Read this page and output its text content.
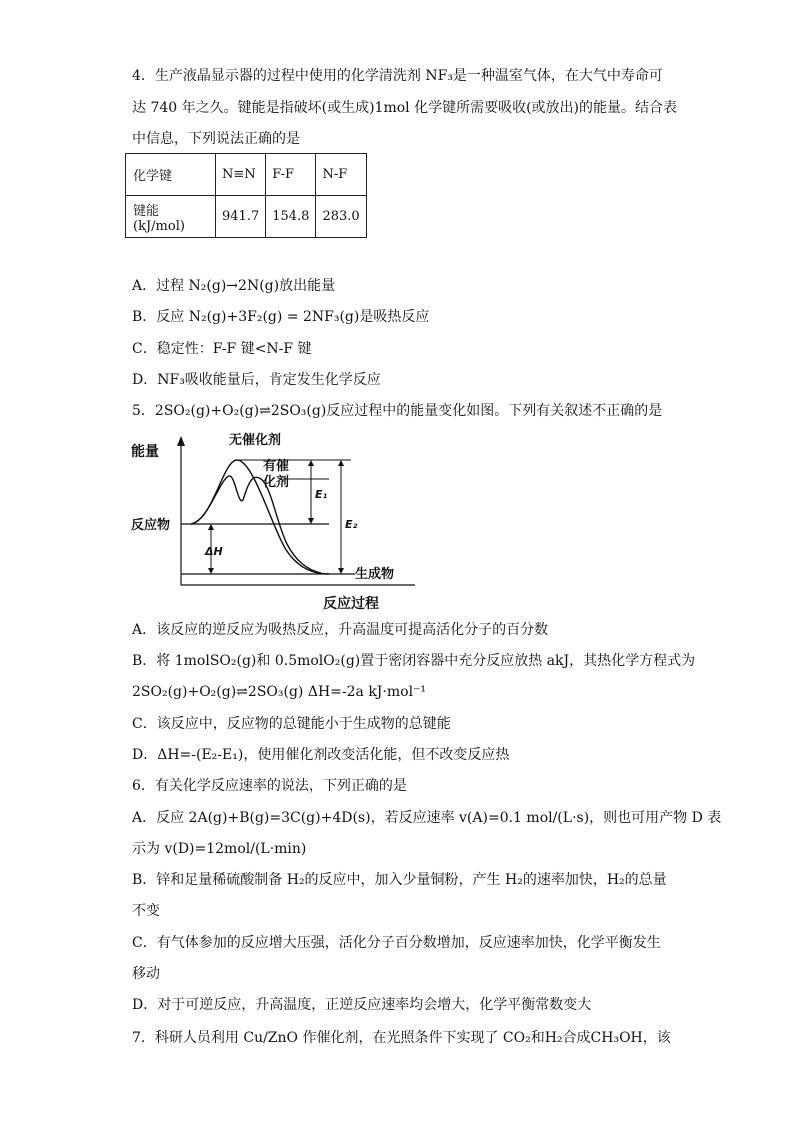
4．生产液晶显示器的过程中使用的化学清洗剂 NF₃是一种温室气体，在大气中寿命可
达 740 年之久。键能是指破坏(或生成)1mol 化学键所需要吸收(或放出)的能量。结合表
中信息，下列说法正确的是
化学键	N≡N	F-F	N-F
键能(kJ/mol)	941.7	154.8	283.0
A．过程 N₂(g)→2N(g)放出能量
B．反应 N₂(g)+3F₂(g) = 2NF₃(g)是吸热反应
C．稳定性：F-F 键<N-F 键
D．NF₃吸收能量后，肯定发生化学反应
5．2SO₂(g)+O₂(g)⇌2SO₃(g)反应过程中的能量变化如图。下列有关叙述不正确的是
能量
无催化剂
有催
化剂
E₁
E₂
反应物
ΔH
生成物
反应过程
A．该反应的逆反应为吸热反应，升高温度可提高活化分子的百分数
B．将 1molSO₂(g)和 0.5molO₂(g)置于密闭容器中充分反应放热 akJ，其热化学方程式为
2SO₂(g)+O₂(g)⇌2SO₃(g) ΔH=-2a kJ·mol⁻¹
C．该反应中，反应物的总键能小于生成物的总键能
D．ΔH=-(E₂-E₁)，使用催化剂改变活化能，但不改变反应热
6．有关化学反应速率的说法，下列正确的是
A．反应 2A(g)+B(g)=3C(g)+4D(s)，若反应速率 v(A)=0.1 mol/(L·s)，则也可用产物 D 表
示为 v(D)=12mol/(L·min)
B．锌和足量稀硫酸制备 H₂的反应中，加入少量铜粉，产生 H₂的速率加快，H₂的总量
不变
C．有气体参加的反应增大压强，活化分子百分数增加，反应速率加快，化学平衡发生
移动
D．对于可逆反应，升高温度，正逆反应速率均会增大，化学平衡常数变大
7．科研人员利用 Cu/ZnO 作催化剂，在光照条件下实现了 CO₂和H₂合成CH₃OH，该
